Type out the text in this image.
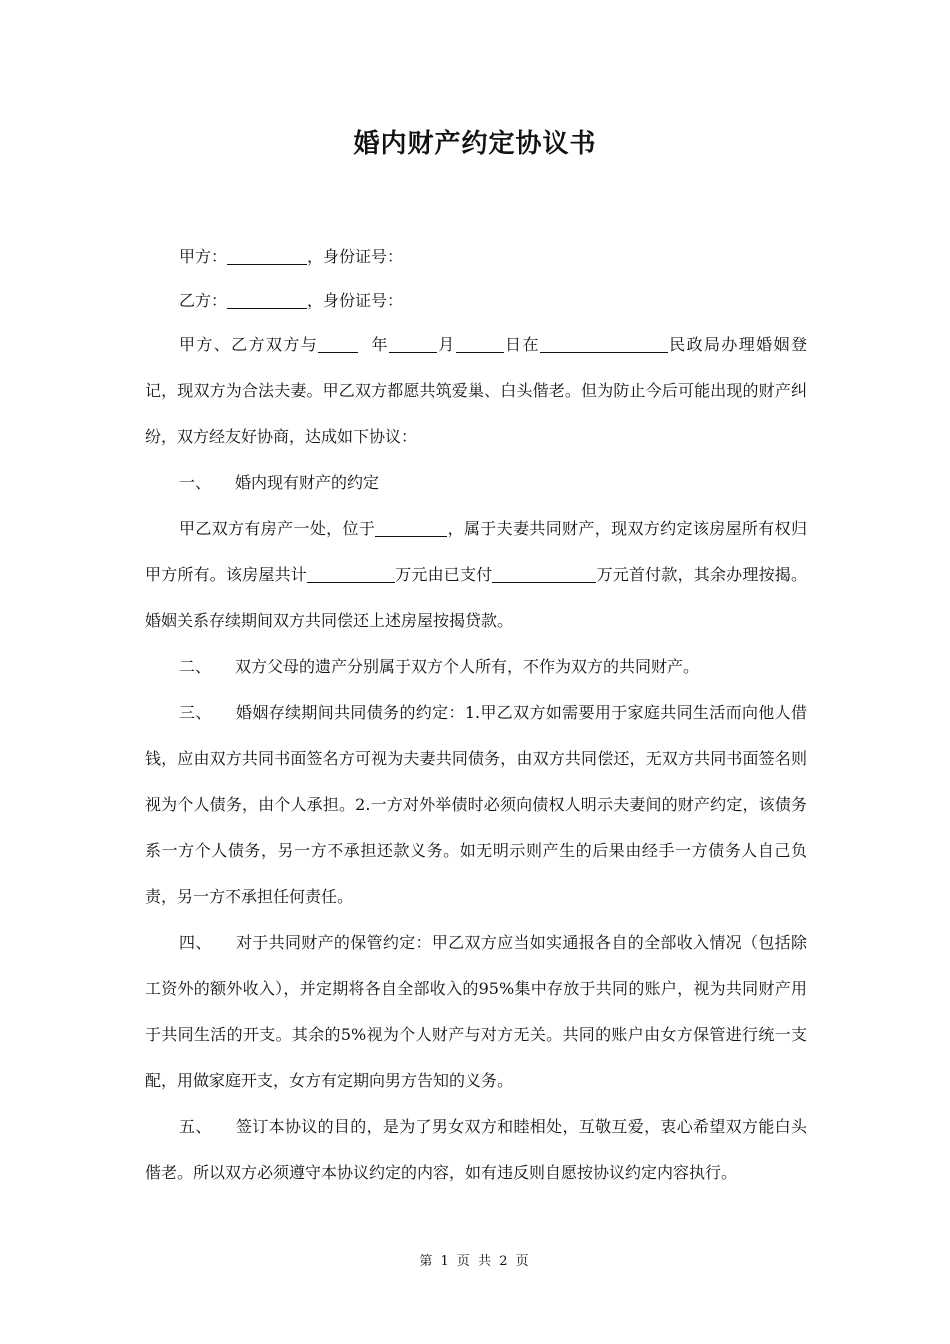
婚内财产约定协议书

甲方：	，身份证号：

乙方：	，身份证号：

甲方、乙方双方与	年	月	日在	民政局办理婚姻登记，现双方为合法夫妻。甲乙双方都愿共筑爱巢、白头偕老。但为防止今后可能出现的财产纠纷，双方经友好协商，达成如下协议：

一、 婚内现有财产的约定

甲乙双方有房产一处，位于	，属于夫妻共同财产，现双方约定该房屋所有权归甲方所有。该房屋共计	万元由已支付	万元首付款，其余办理按揭。婚姻关系存续期间双方共同偿还上述房屋按揭贷款。

二、 双方父母的遗产分别属于双方个人所有，不作为双方的共同财产。

三、 婚姻存续期间共同债务的约定：1.甲乙双方如需要用于家庭共同生活而向他人借钱，应由双方共同书面签名方可视为夫妻共同债务，由双方共同偿还，无双方共同书面签名则视为个人债务，由个人承担。2.一方对外举债时必须向债权人明示夫妻间的财产约定，该债务系一方个人债务，另一方不承担还款义务。如无明示则产生的后果由经手一方债务人自己负责，另一方不承担任何责任。

四、 对于共同财产的保管约定：甲乙双方应当如实通报各自的全部收入情况（包括除工资外的额外收入），并定期将各自全部收入的95%集中存放于共同的账户，视为共同财产用于共同生活的开支。其余的5%视为个人财产与对方无关。共同的账户由女方保管进行统一支配，用做家庭开支，女方有定期向男方告知的义务。

五、 签订本协议的目的，是为了男女双方和睦相处，互敬互爱，衷心希望双方能白头偕老。所以双方必须遵守本协议约定的内容，如有违反则自愿按协议约定内容执行。

第 1 页 共 2 页
